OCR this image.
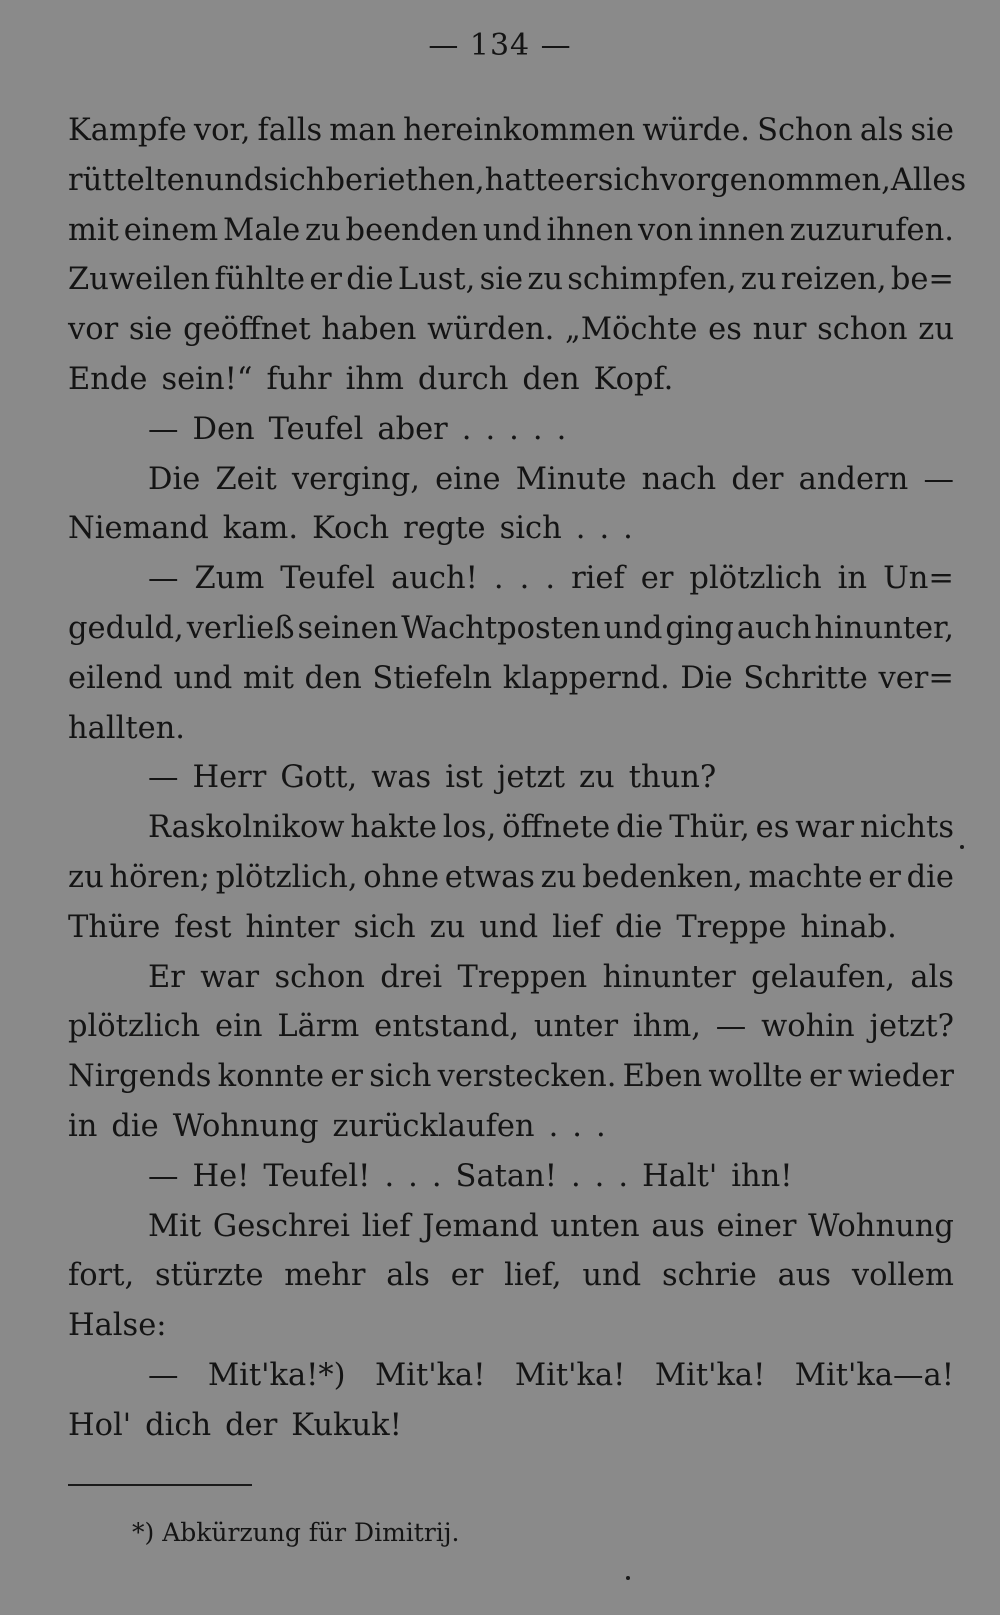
— 134 —
Kampfe vor, falls man hereinkommen würde. Schon als sie
rüttelten und sich beriethen, hatte er sich vorgenommen, Alles
mit einem Male zu beenden und ihnen von innen zuzurufen.
Zuweilen fühlte er die Lust, sie zu schimpfen, zu reizen, be=
vor sie geöffnet haben würden. „Möchte es nur schon zu
Ende sein!“ fuhr ihm durch den Kopf.
— Den Teufel aber . . . . .
Die Zeit verging, eine Minute nach der andern —
Niemand kam. Koch regte sich . . .
— Zum Teufel auch! . . . rief er plötzlich in Un=
geduld, verließ seinen Wachtposten und ging auch hinunter,
eilend und mit den Stiefeln klappernd. Die Schritte ver=
hallten.
— Herr Gott, was ist jetzt zu thun?
Raskolnikow hakte los, öffnete die Thür, es war nichts
zu hören; plötzlich, ohne etwas zu bedenken, machte er die
Thüre fest hinter sich zu und lief die Treppe hinab.
Er war schon drei Treppen hinunter gelaufen, als
plötzlich ein Lärm entstand, unter ihm, — wohin jetzt?
Nirgends konnte er sich verstecken. Eben wollte er wieder
in die Wohnung zurücklaufen . . .
— He! Teufel! . . . Satan! . . . Halt' ihn!
Mit Geschrei lief Jemand unten aus einer Wohnung
fort, stürzte mehr als er lief, und schrie aus vollem
Halse:
— Mit'ka!*) Mit'ka! Mit'ka! Mit'ka! Mit'ka—a!
Hol' dich der Kukuk!
*) Abkürzung für Dimitrij.
